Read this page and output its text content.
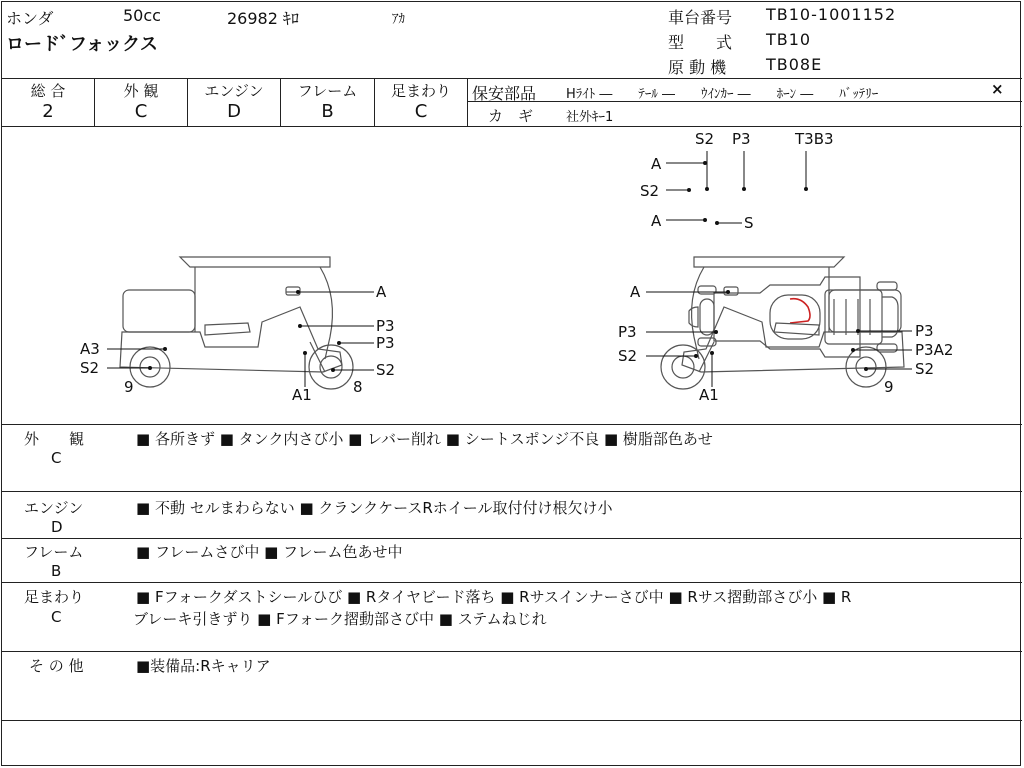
ホンダ	50cc	26982 ｷﾛ	ｱｶ
ロードﾞフォックス
車台番号 TB10-1001152
型　　式 TB10
原 動 機 TB08E
総 合
2
外 観
C
エンジン
D
フレーム
B
足まわり
C
保安部品 Hﾗｲﾄ ―　　ﾃｰﾙ ―　　ｳｲﾝｶｰ ―　　ﾎｰﾝ ―　　ﾊﾞｯﾃﾘｰ	×
カ　ギ	社外ｷｰ1
S2 P3	T3B3
A
S2
A	S
A
P3
P3
A3
S2	S2
9	A1	8
A
P3	P3
S2	P3A2
S2
A1	9
外　　観
C
■ 各所きず ■ タンク内さび小 ■ レバー削れ ■ シートスポンジ不良 ■ 樹脂部色あせ
エンジン
D
■ 不動 セルまわらない ■ クランクケースRホイール取付付け根欠け小
フレーム
B
■ フレームさび中 ■ フレーム色あせ中
足まわり
C
■ Fフォークダストシールひび ■ Rタイヤビード落ち ■ Rサスインナーさび中 ■ Rサス摺動部さび小 ■ R
ブレーキ引きずり ■ Fフォーク摺動部さび中 ■ ステムねじれ
そ の 他	■装備品:Rキャリア
